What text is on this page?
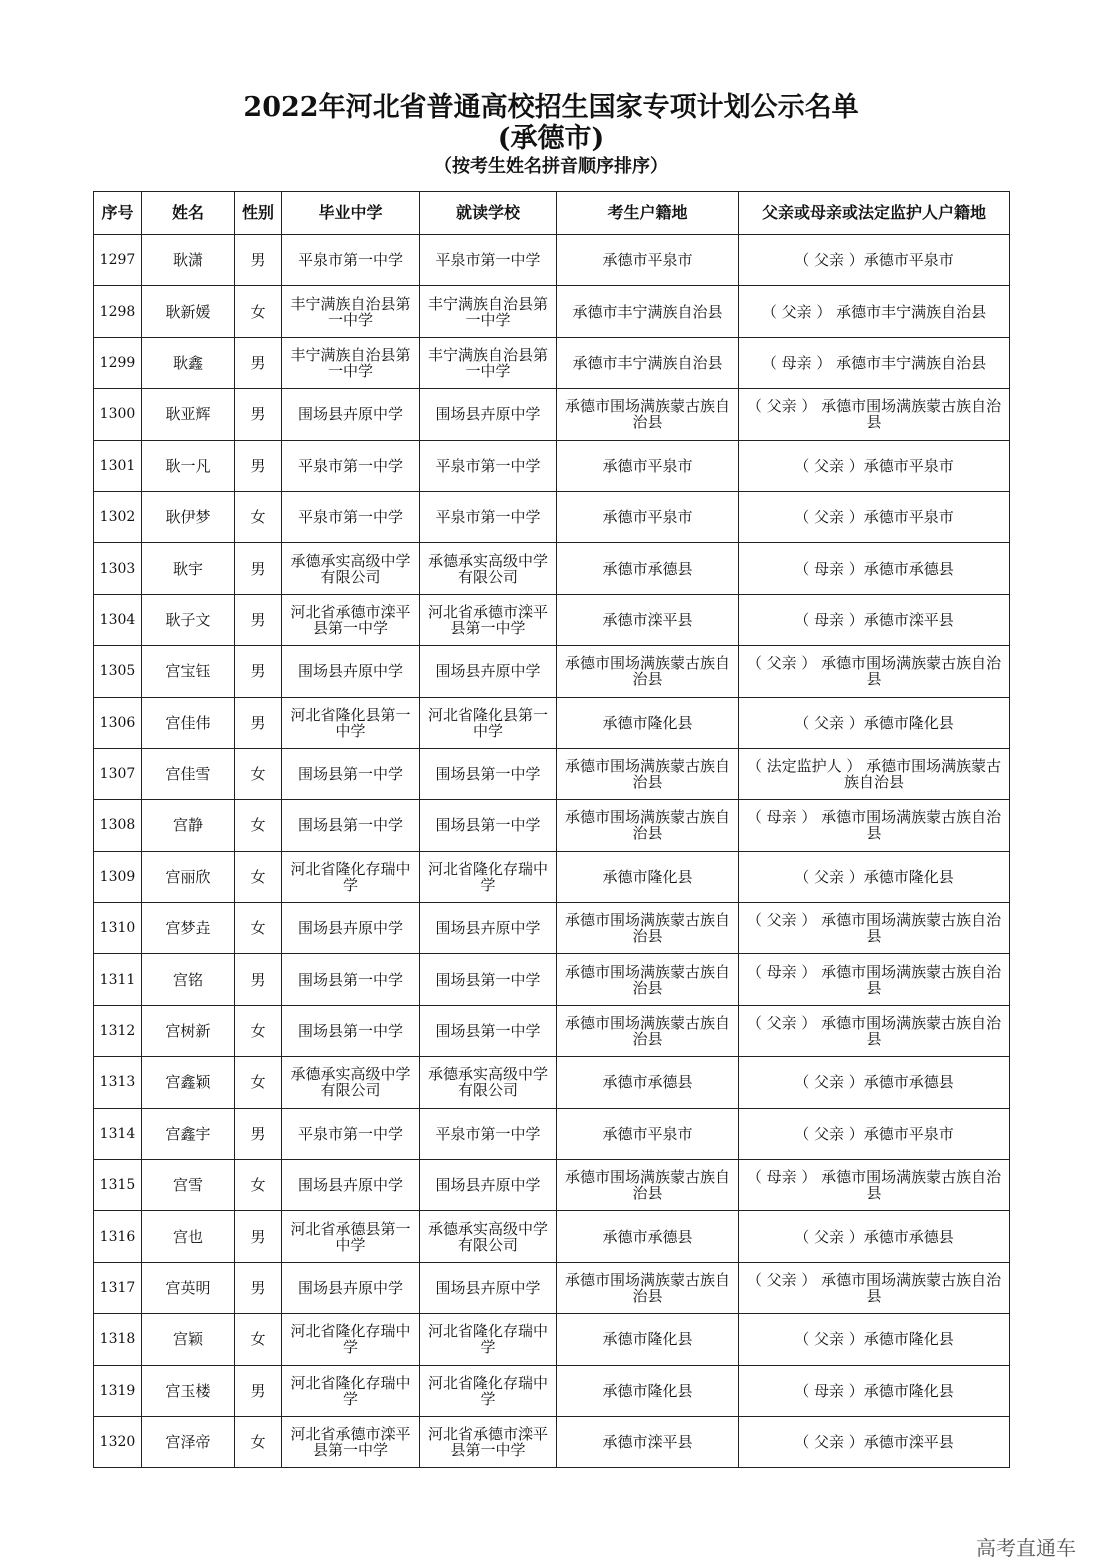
2022年河北省普通高校招生国家专项计划公示名单
(承德市)

（按考生姓名拼音顺序排序）

序号	姓名	性别	毕业中学	就读学校	考生户籍地	父亲或母亲或法定监护人户籍地
1297	耿潇	男	平泉市第一中学	平泉市第一中学	承德市平泉市	（ 父亲 ）承德市平泉市
1298	耿新媛	女	丰宁满族自治县第一中学	丰宁满族自治县第一中学	承德市丰宁满族自治县	（ 父亲 ） 承德市丰宁满族自治县
1299	耿鑫	男	丰宁满族自治县第一中学	丰宁满族自治县第一中学	承德市丰宁满族自治县	（ 母亲 ） 承德市丰宁满族自治县
1300	耿亚辉	男	围场县卉原中学	围场县卉原中学	承德市围场满族蒙古族自治县	（ 父亲 ） 承德市围场满族蒙古族自治县
1301	耿一凡	男	平泉市第一中学	平泉市第一中学	承德市平泉市	（ 父亲 ）承德市平泉市
1302	耿伊梦	女	平泉市第一中学	平泉市第一中学	承德市平泉市	（ 父亲 ）承德市平泉市
1303	耿宇	男	承德承实高级中学有限公司	承德承实高级中学有限公司	承德市承德县	（ 母亲 ）承德市承德县
1304	耿子文	男	河北省承德市滦平县第一中学	河北省承德市滦平县第一中学	承德市滦平县	（ 母亲 ）承德市滦平县
1305	宫宝钰	男	围场县卉原中学	围场县卉原中学	承德市围场满族蒙古族自治县	（ 父亲 ） 承德市围场满族蒙古族自治县
1306	宫佳伟	男	河北省隆化县第一中学	河北省隆化县第一中学	承德市隆化县	（ 父亲 ）承德市隆化县
1307	宫佳雪	女	围场县第一中学	围场县第一中学	承德市围场满族蒙古族自治县	（ 法定监护人 ） 承德市围场满族蒙古族自治县
1308	宫静	女	围场县第一中学	围场县第一中学	承德市围场满族蒙古族自治县	（ 母亲 ） 承德市围场满族蒙古族自治县
1309	宫丽欣	女	河北省隆化存瑞中学	河北省隆化存瑞中学	承德市隆化县	（ 父亲 ）承德市隆化县
1310	宫梦垚	女	围场县卉原中学	围场县卉原中学	承德市围场满族蒙古族自治县	（ 父亲 ） 承德市围场满族蒙古族自治县
1311	宫铭	男	围场县第一中学	围场县第一中学	承德市围场满族蒙古族自治县	（ 母亲 ） 承德市围场满族蒙古族自治县
1312	宫树新	女	围场县第一中学	围场县第一中学	承德市围场满族蒙古族自治县	（ 父亲 ） 承德市围场满族蒙古族自治县
1313	宫鑫颖	女	承德承实高级中学有限公司	承德承实高级中学有限公司	承德市承德县	（ 父亲 ）承德市承德县
1314	宫鑫宇	男	平泉市第一中学	平泉市第一中学	承德市平泉市	（ 父亲 ）承德市平泉市
1315	宫雪	女	围场县卉原中学	围场县卉原中学	承德市围场满族蒙古族自治县	（ 母亲 ） 承德市围场满族蒙古族自治县
1316	宫也	男	河北省承德县第一中学	承德承实高级中学有限公司	承德市承德县	（ 父亲 ）承德市承德县
1317	宫英明	男	围场县卉原中学	围场县卉原中学	承德市围场满族蒙古族自治县	（ 父亲 ） 承德市围场满族蒙古族自治县
1318	宫颖	女	河北省隆化存瑞中学	河北省隆化存瑞中学	承德市隆化县	（ 父亲 ）承德市隆化县
1319	宫玉楼	男	河北省隆化存瑞中学	河北省隆化存瑞中学	承德市隆化县	（ 母亲 ）承德市隆化县
1320	宫泽帝	女	河北省承德市滦平县第一中学	河北省承德市滦平县第一中学	承德市滦平县	（ 父亲 ）承德市滦平县
高考直通车
